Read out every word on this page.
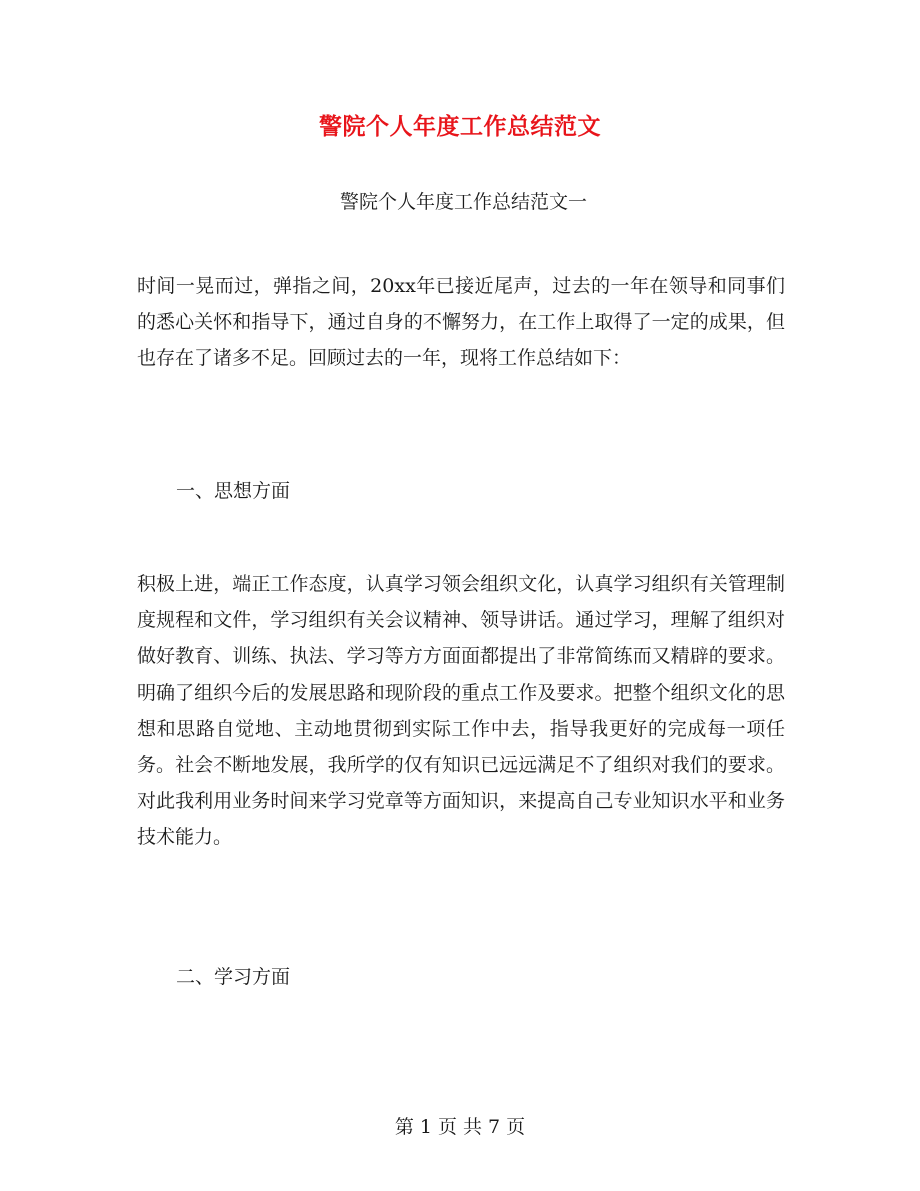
警院个人年度工作总结范文

警院个人年度工作总结范文一

时间一晃而过，弹指之间，20xx年已接近尾声，过去的一年在领导和同事们的悉心关怀和指导下，通过自身的不懈努力，在工作上取得了一定的成果，但也存在了诸多不足。回顾过去的一年，现将工作总结如下：

一、思想方面

积极上进，端正工作态度，认真学习领会组织文化，认真学习组织有关管理制度规程和文件，学习组织有关会议精神、领导讲话。通过学习，理解了组织对做好教育、训练、执法、学习等方方面面都提出了非常简练而又精辟的要求。明确了组织今后的发展思路和现阶段的重点工作及要求。把整个组织文化的思想和思路自觉地、主动地贯彻到实际工作中去，指导我更好的完成每一项任务。社会不断地发展，我所学的仅有知识已远远满足不了组织对我们的要求。对此我利用业务时间来学习党章等方面知识，来提高自己专业知识水平和业务技术能力。

二、学习方面

第 1 页 共 7 页
